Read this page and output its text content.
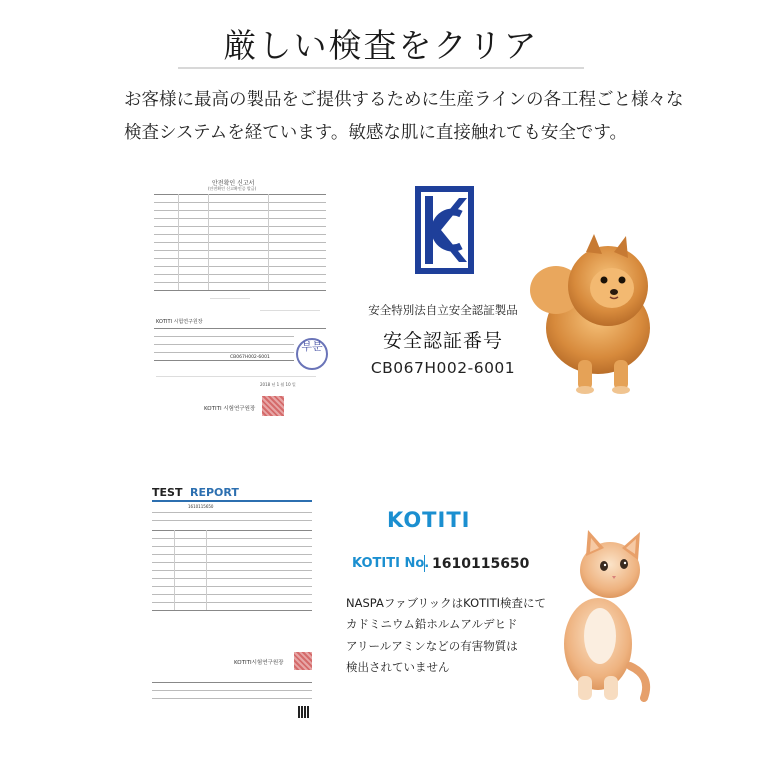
厳しい検査をクリア
お客様に最高の製品をご提供するために生産ラインの各工程ごと様々な
検査システムを経ています。敏感な肌に直接触れても安全です。
안전확인 신고서
(안전확인 신고확인증 발급)
KOTITI 시험연구원장
CB067H002-6001
부분
2018 년 1 월 10 일
KOTITI 시험연구원장
安全特別法自立安全認証製品
安全認証番号
CB067H002-6001
TEST REPORT
1610115650
KOTITI시험연구원장
KOTITI
KOTITI No. 1610115650
NASPAファブリックはKOTITI検査にて
カドミニウム鉛ホルムアルデヒド
アリールアミンなどの有害物質は
検出されていません
